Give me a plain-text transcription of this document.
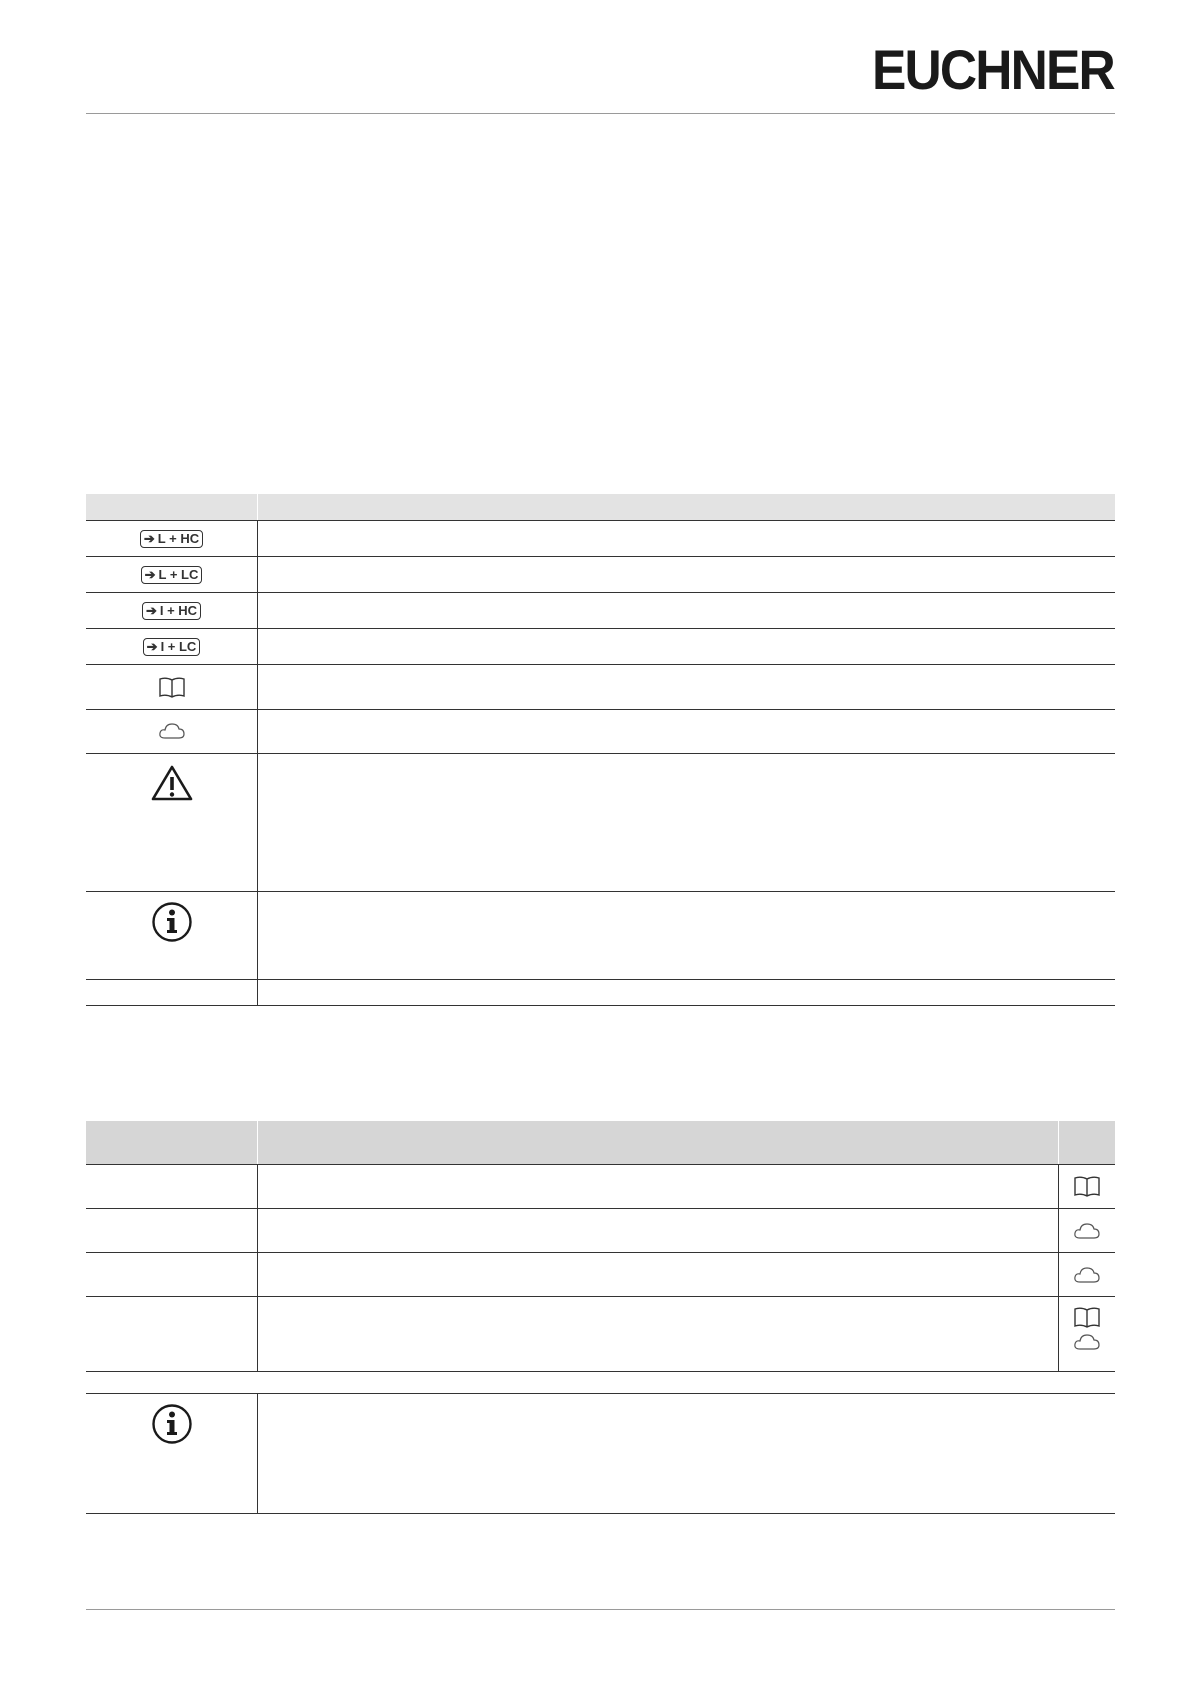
EUCHNER

➔ L + HC	

➔ L + LC	

➔ I + HC	

➔ I + LC	
